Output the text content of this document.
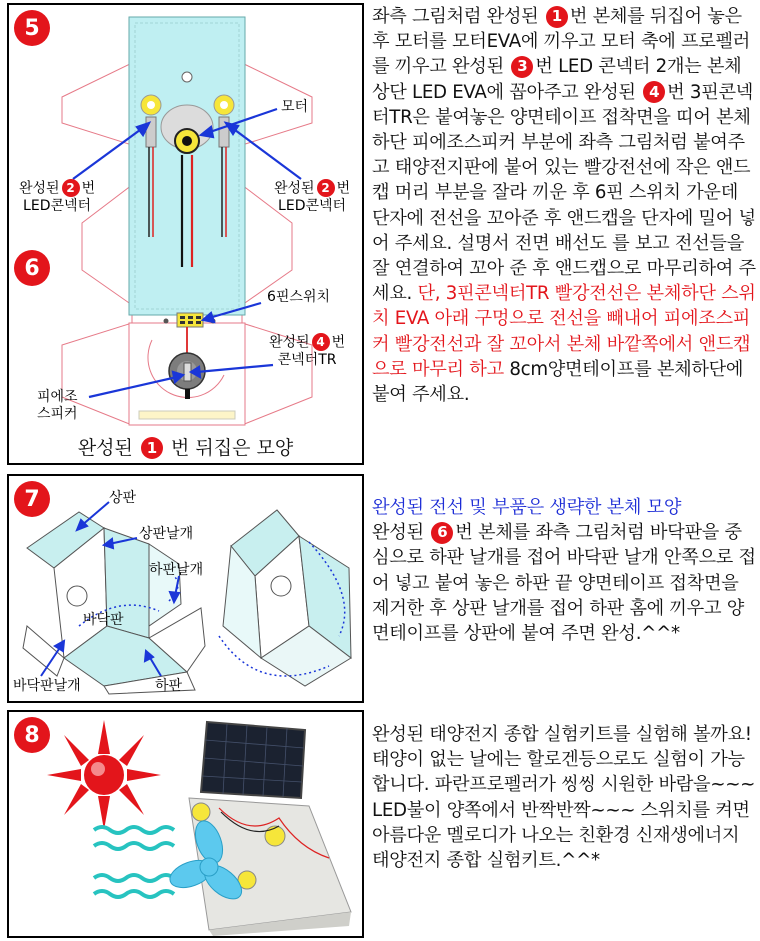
5
6
모터
완성된 2 번
LED콘넥터
완성된 2 번
LED콘넥터
6핀스위치
완성된 4 번
콘넥터TR
피에조
스피커
완성된 1 번 뒤집은 모양
좌측 그림처럼 완성된 1 번 본체를 뒤집어 놓은 후 모터를 모터EVA에 끼우고 모터 축에 프로펠러를 끼우고 완성된 3 번 LED 콘넥터 2개는 본체 상단 LED EVA에 꼽아주고 완성된 4 번 3핀콘넥터TR은 붙여놓은 양면테이프 접착면을 띠어 본체 하단 피에조스피커 부분에 좌측 그림처럼 붙여주고 태양전지판에 붙어 있는 빨강전선에 작은 앤드캡 머리 부분을 잘라 끼운 후 6핀 스위치 가운데 단자에 전선을 꼬아준 후 앤드캡을 단자에 밀어 넣어 주세요. 설명서 전면 배선도 를 보고 전선들을 잘 연결하여 꼬아 준 후 앤드캡으로 마무리하여 주세요. 단, 3핀콘넥터TR 빨강전선은 본체하단 스위치 EVA 아래 구멍으로 전선을 빼내어 피에조스피커 빨강전선과 잘 꼬아서 본체 바깥쪽에서 앤드캡으로 마무리 하고 8cm양면테이프를 본체하단에 붙여 주세요.
7	상판
상판날개
하판날개
바닥판
바닥판날개	하판
완성된 전선 및 부품은 생략한 본체 모양
완성된 6 번 본체를 좌측 그림처럼 바닥판을 중심으로 하판 날개를 접어 바닥판 날개 안쪽으로 접어 넣고 붙여 놓은 하판 끝 양면테이프 접착면을 제거한 후 상판 날개를 접어 하판 홈에 끼우고 양면테이프를 상판에 붙여 주면 완성.^^*
8	완성된 태양전지 종합 실험키트를 실험해 볼까요! 태양이 없는 날에는 할로겐등으로도 실험이 가능합니다. 파란프로펠러가 씽씽 시원한 바람을~~~ LED불이 양쪽에서 반짝반짝~~~ 스위치를 켜면 아름다운 멜로디가 나오는 친환경 신재생에너지 태양전지 종합 실험키트.^^*
